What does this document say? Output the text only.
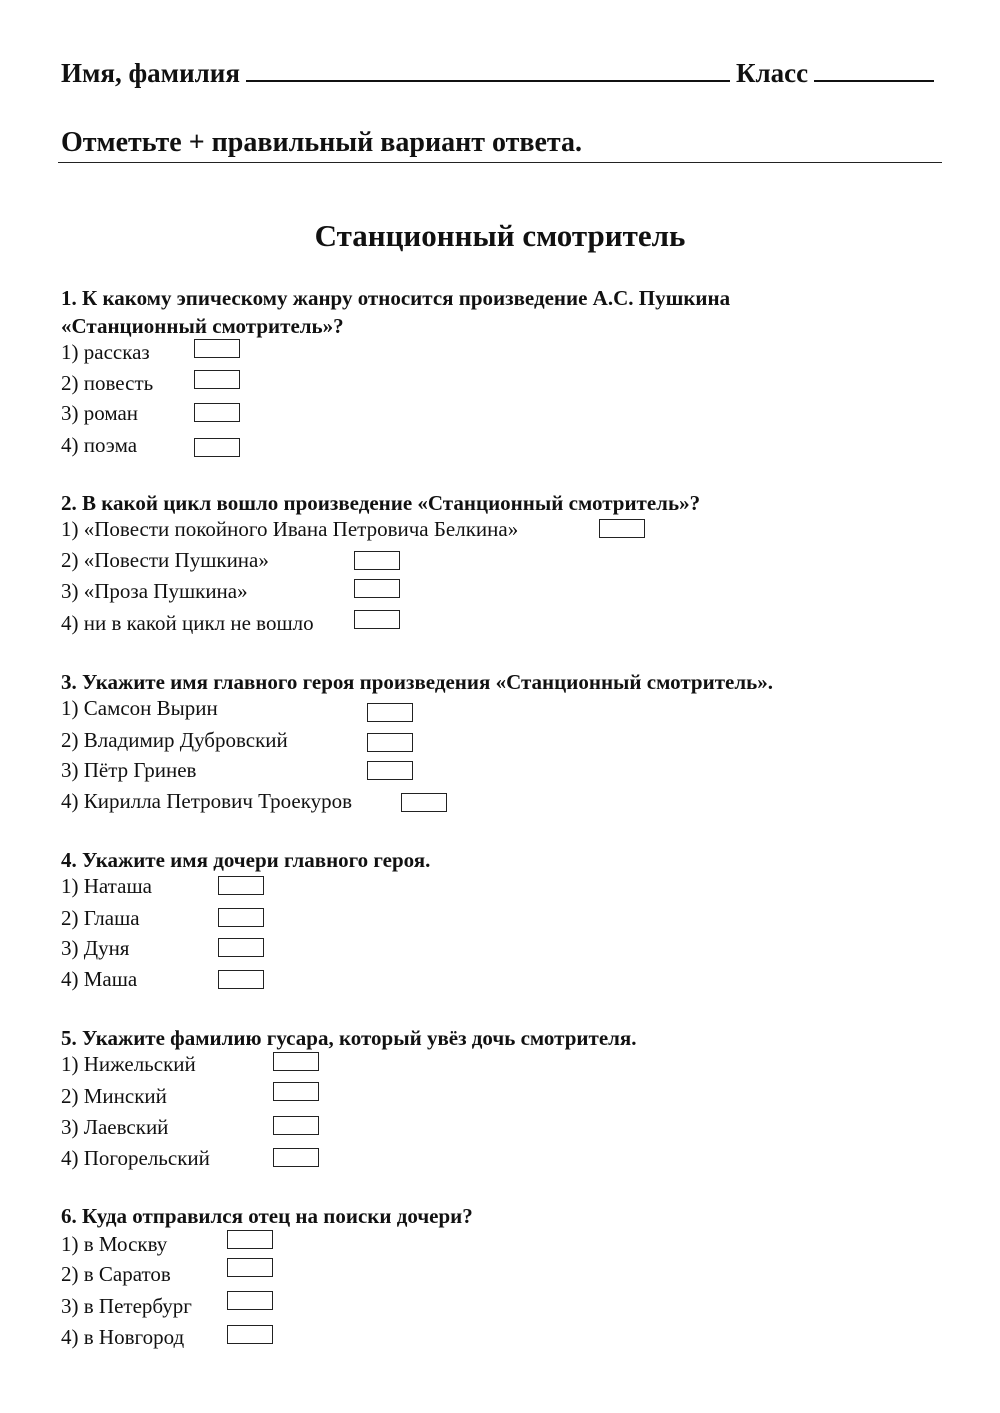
Имя, фамилия	Класс
Отметьте + правильный вариант ответа.
Станционный смотритель
1. К какому эпическому жанру относится произведение А.С. Пушкина
«Станционный смотритель»?
1) рассказ
2) повесть
3) роман
4) поэма
2. В какой цикл вошло произведение «Станционный смотритель»?
1) «Повести покойного Ивана Петровича Белкина»
2) «Повести Пушкина»
3) «Проза Пушкина»
4) ни в какой цикл не вошло
3. Укажите имя главного героя произведения «Станционный смотритель».
1) Самсон Вырин
2) Владимир Дубровский
3) Пётр Гринев
4) Кирилла Петрович Троекуров
4. Укажите имя дочери главного героя.
1) Наташа
2) Глаша
3) Дуня
4) Маша
5. Укажите фамилию гусара, который увёз дочь смотрителя.
1) Нижельский
2) Минский
3) Лаевский
4) Погорельский
6. Куда отправился отец на поиски дочери?
1) в Москву
2) в Саратов
3) в Петербург
4) в Новгород
